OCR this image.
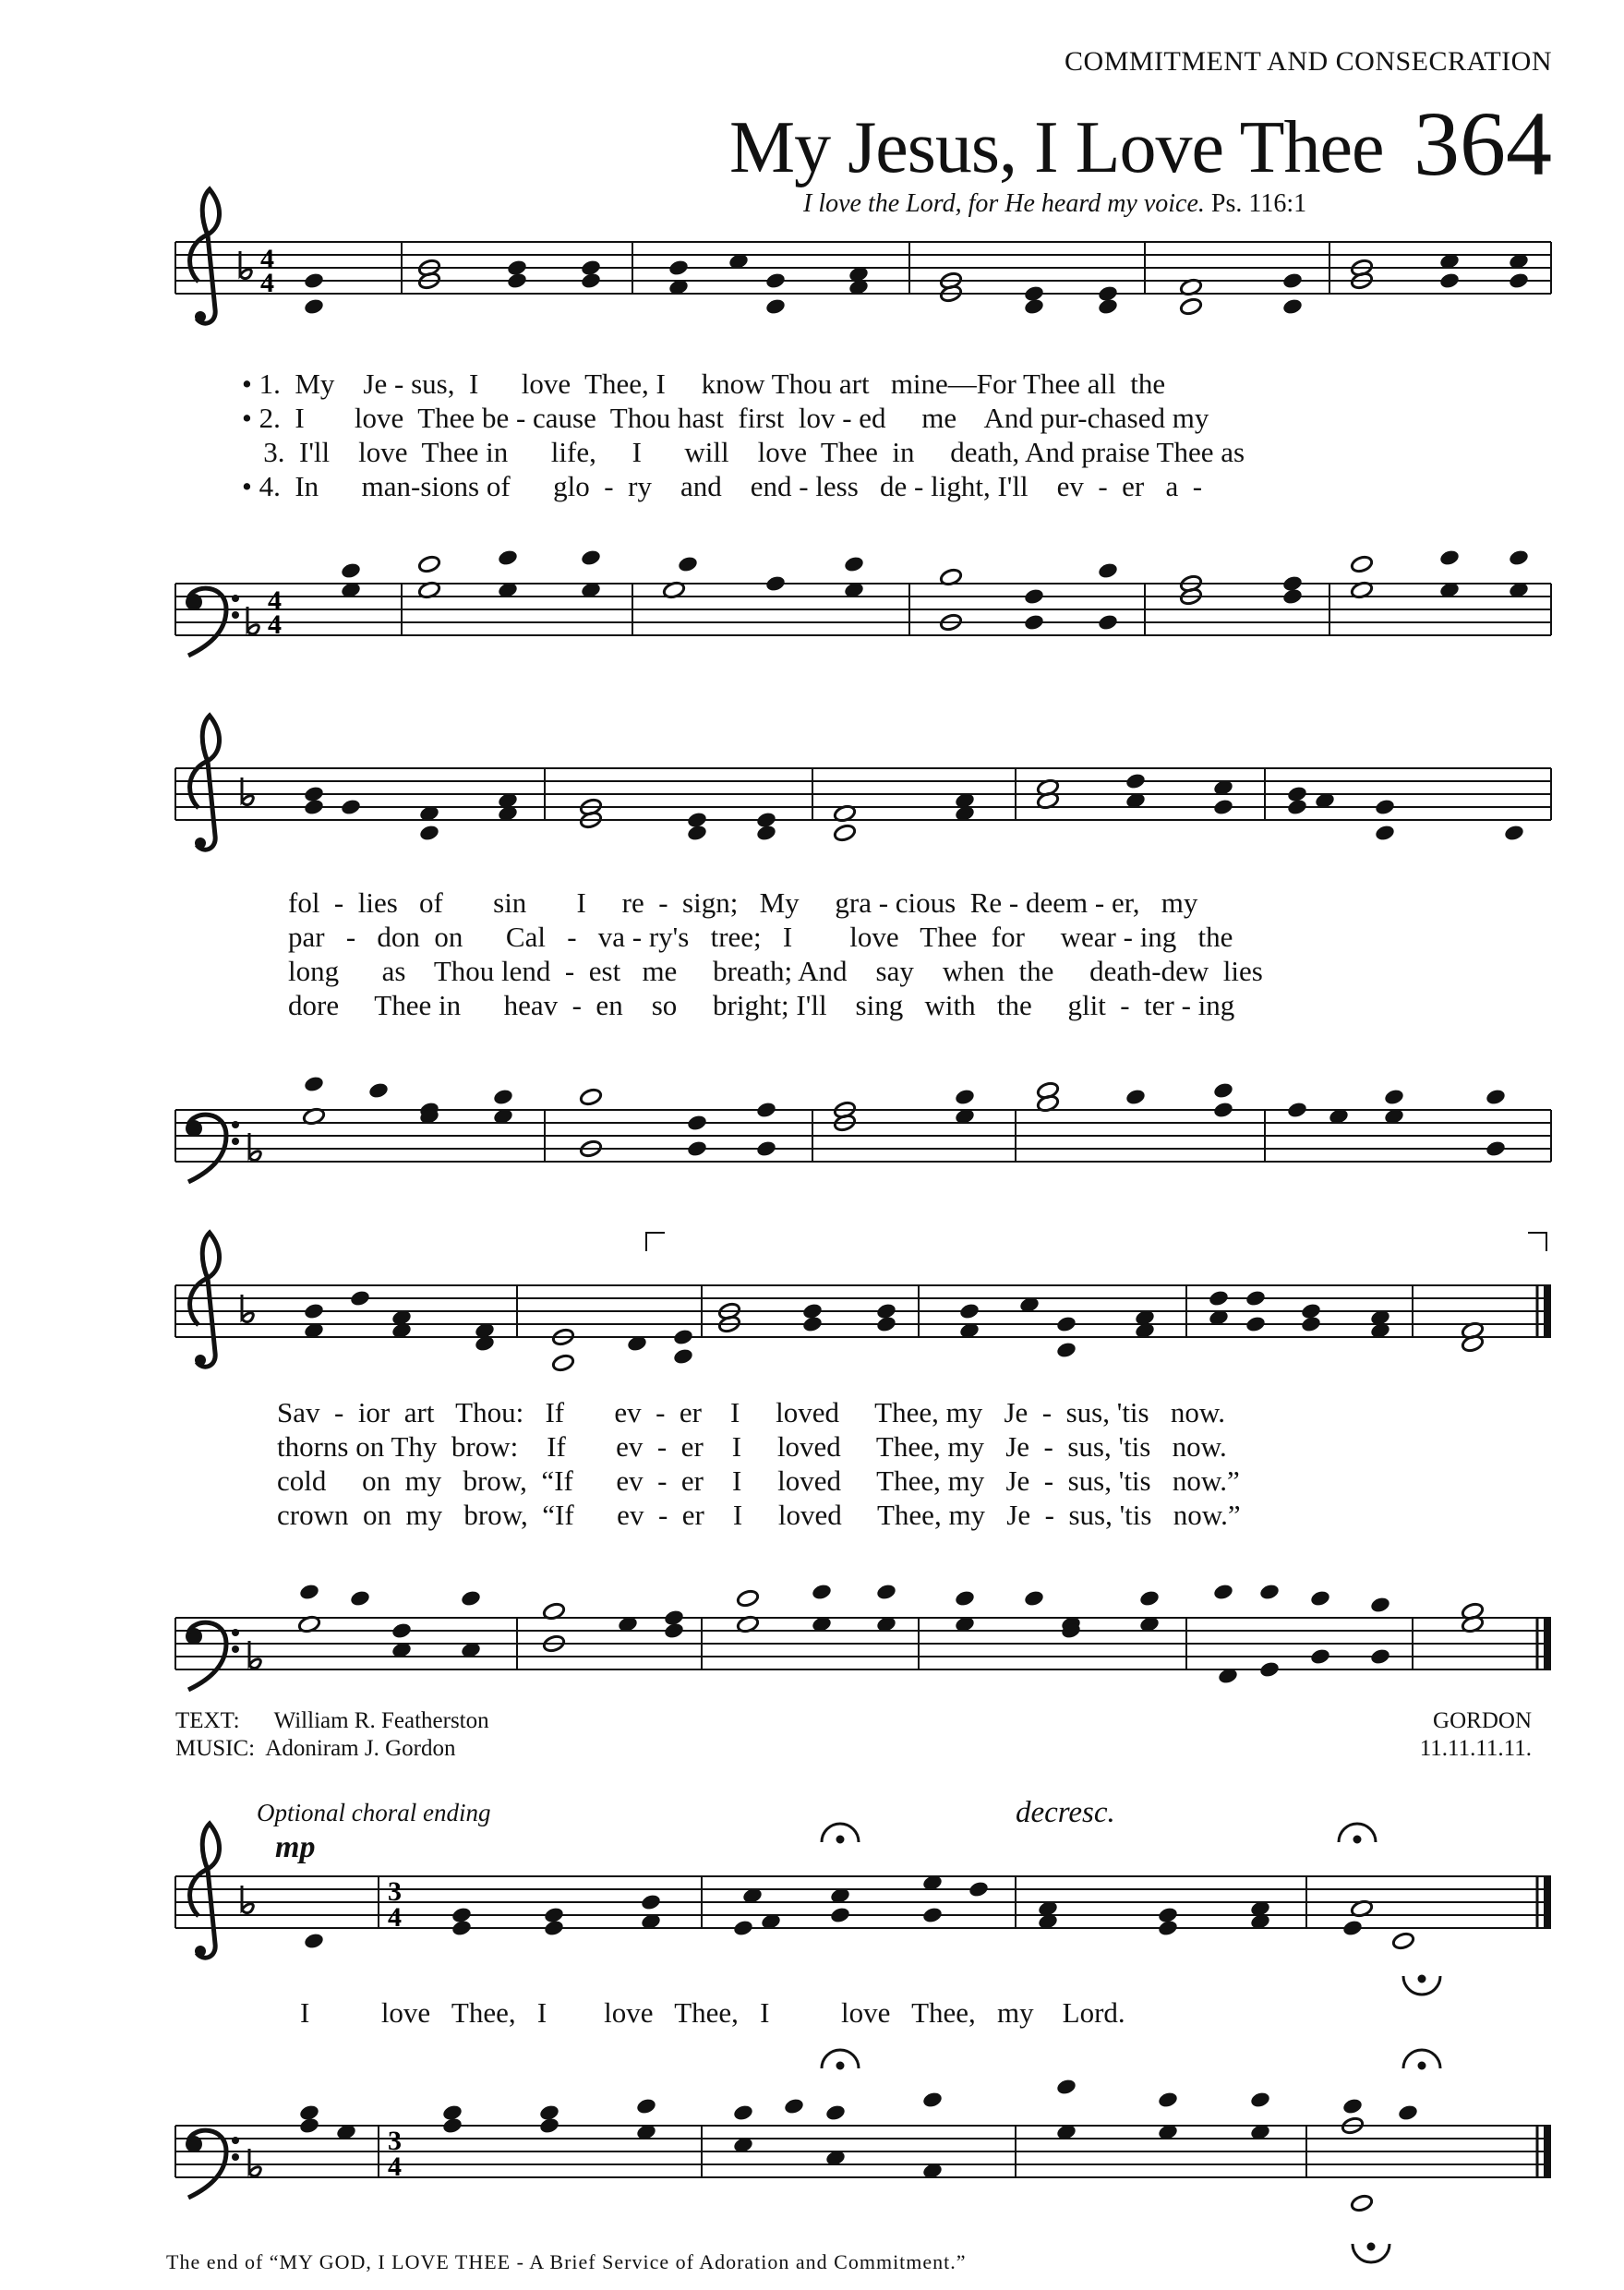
COMMITMENT AND CONSECRATION
My Jesus, I Love Thee 364
I love the Lord, for He heard my voice. Ps. 116:1
4
4
4
4
3
4
3
4
• 1.  My    Je - sus,  I      love  Thee, I     know Thou art   mine—For Thee all  the
• 2.  I       love  Thee be - cause  Thou hast  first  lov - ed     me    And pur-chased my
3.  I'll    love  Thee in      life,     I      will    love  Thee  in     death, And praise Thee as
• 4.  In      man-sions of      glo  -  ry    and    end - less   de - light, I'll    ev  -  er   a  -
fol  -  lies   of       sin       I     re  -  sign;   My     gra - cious  Re - deem - er,   my
par   -   don  on      Cal   -   va - ry's   tree;   I        love   Thee  for     wear - ing   the
long      as    Thou lend  -  est   me     breath; And    say    when  the     death-dew  lies
dore     Thee in      heav  -  en    so     bright; I'll    sing   with   the     glit  -  ter - ing
Sav  -  ior  art   Thou:   If       ev  -  er    I     loved     Thee, my   Je  -  sus, 'tis   now.
thorns on Thy  brow:    If       ev  -  er    I     loved     Thee, my   Je  -  sus, 'tis   now.
cold     on  my   brow,  “If      ev  -  er    I     loved     Thee, my   Je  -  sus, 'tis   now.”
crown  on  my   brow,  “If      ev  -  er    I     loved     Thee, my   Je  -  sus, 'tis   now.”
TEXT: William R. Featherston
MUSIC: Adoniram J. Gordon
GORDON
11.11.11.11.
Optional choral ending
mp
decresc.
I          love   Thee,   I        love   Thee,   I          love   Thee,   my    Lord.
The end of “MY GOD, I LOVE THEE - A Brief Service of Adoration and Commitment.”
